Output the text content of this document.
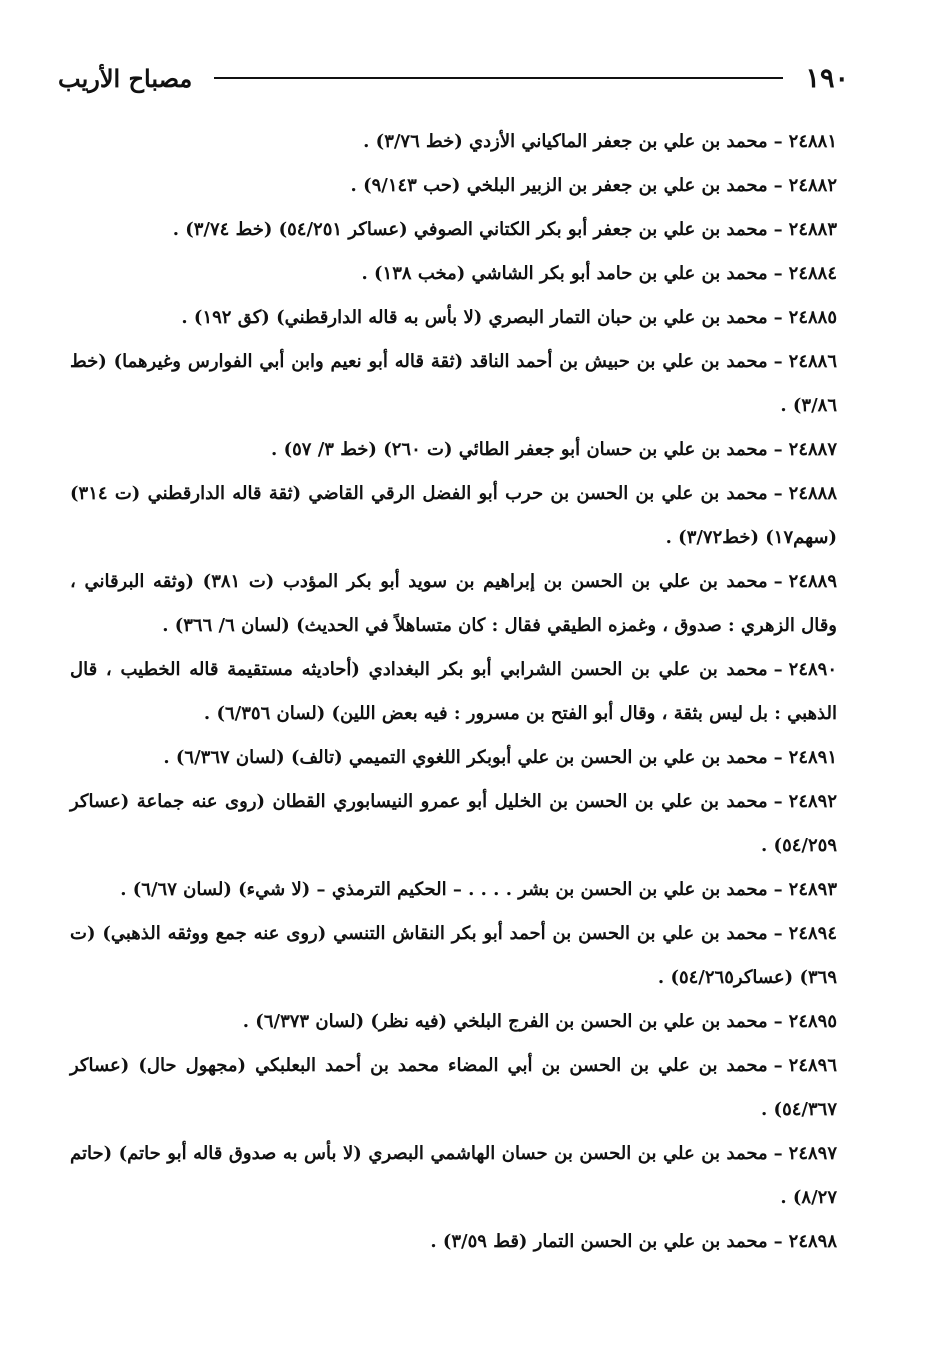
١٩٠
مصباح الأريب

٢٤٨٨١–محمد بن علي بن جعفر الماكياني الأزدي (خط ٣/٧٦) .

٢٤٨٨٢–محمد بن علي بن جعفر بن الزبير البلخي (حب ٩/١٤٣) .

٢٤٨٨٣–محمد بن علي بن جعفر أبو بكر الكتاني الصوفي (عساكر ٥٤/٢٥١) (خط ٣/٧٤) .

٢٤٨٨٤–محمد بن علي بن حامد أبو بكر الشاشي (مخب ١٣٨) .

٢٤٨٨٥–محمد بن علي بن حبان التمار البصري (لا بأس به قاله الدارقطني) (كق ١٩٢) .

٢٤٨٨٦–محمد بن علي بن حبيش بن أحمد الناقد (ثقة قاله أبو نعيم وابن أبي الفوارس وغيرهما) (خط ٣/٨٦) .

٢٤٨٨٧–محمد بن علي بن حسان أبو جعفر الطائي (ت ٢٦٠) (خط ٣/ ٥٧) .

٢٤٨٨٨–محمد بن علي بن الحسن بن حرب أبو الفضل الرقي القاضي (ثقة قاله الدارقطني (ت ٣١٤) (سهم١٧) (خط٣/٧٢) .

٢٤٨٨٩–محمد بن علي بن الحسن بن إبراهيم بن سويد أبو بكر المؤدب (ت ٣٨١) (وثقه البرقاني ، وقال الزهري : صدوق ، وغمزه الطيقي فقال : كان متساهلاً في الحديث) (لسان ٦/ ٣٦٦) .

٢٤٨٩٠–محمد بن علي بن الحسن الشرابي أبو بكر البغدادي (أحاديثه مستقيمة قاله الخطيب ، قال الذهبي : بل ليس بثقة ، وقال أبو الفتح بن مسرور : فيه بعض اللين) (لسان ٦/٣٥٦) .

٢٤٨٩١–محمد بن علي بن الحسن بن علي أبوبكر اللغوي التميمي (تالف) (لسان ٦/٣٦٧) .

٢٤٨٩٢–محمد بن علي بن الحسن بن الخليل أبو عمرو النيسابوري القطان (روى عنه جماعة (عساكر ٥٤/٢٥٩) .

٢٤٨٩٣–محمد بن علي بن الحسن بن بشر . . . . – الحكيم الترمذي – (لا شيء) (لسان ٦/٦٧) .

٢٤٨٩٤–محمد بن علي بن الحسن بن أحمد أبو بكر النقاش التنسي (روى عنه جمع ووثقه الذهبي) (ت ٣٦٩) (عساكر٥٤/٢٦٥) .

٢٤٨٩٥–محمد بن علي بن الحسن بن الفرج البلخي (فيه نظر) (لسان ٦/٣٧٣) .

٢٤٨٩٦–محمد بن علي بن الحسن بن أبي المضاء محمد بن أحمد البعلبكي (مجهول حال) (عساكر ٥٤/٣٦٧) .

٢٤٨٩٧–محمد بن علي بن الحسن بن حسان الهاشمي البصري (لا بأس به صدوق قاله أبو حاتم) (حاتم ٨/٢٧) .

٢٤٨٩٨–محمد بن علي بن الحسن التمار (قط ٣/٥٩) .
